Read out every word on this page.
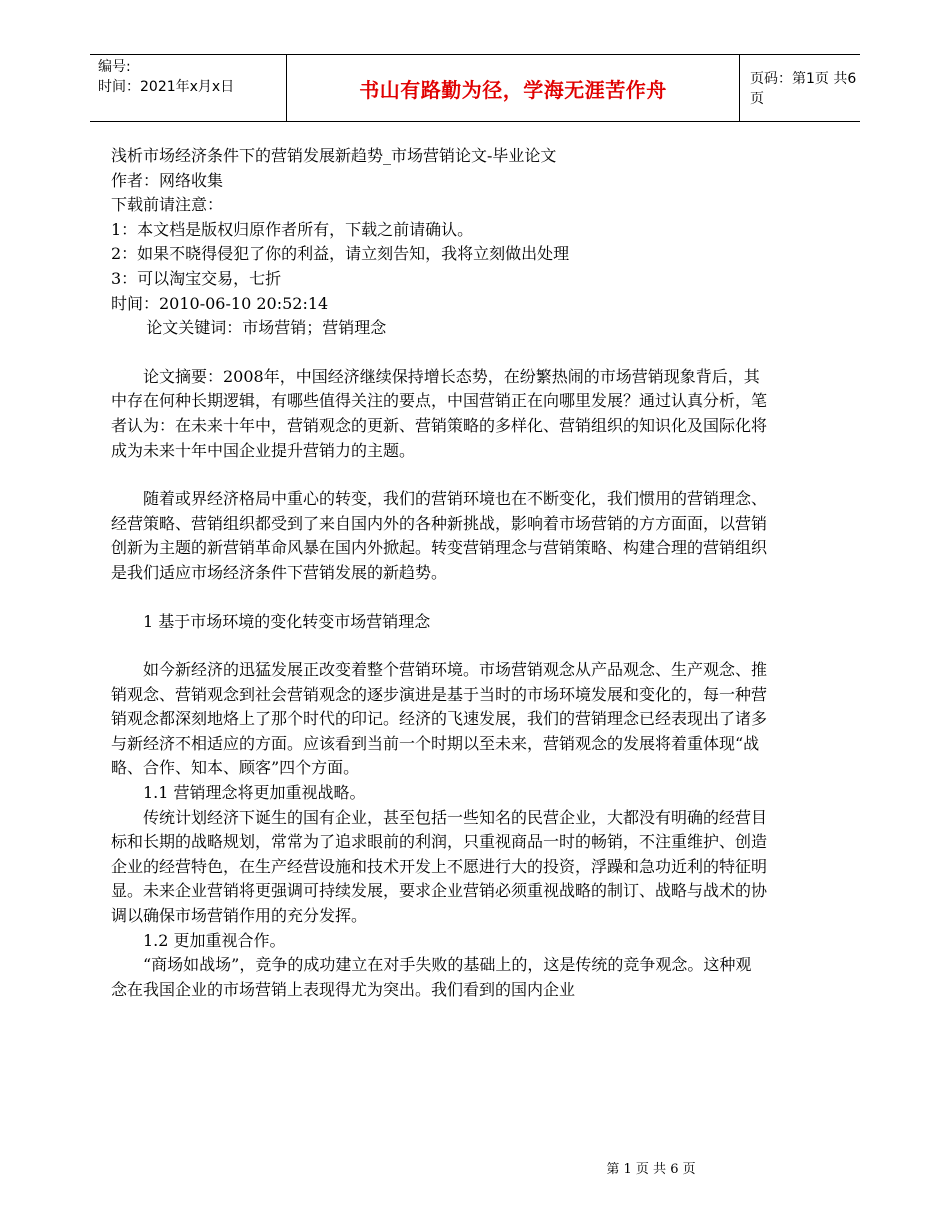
编号:
时间：2021年x月x日	书山有路勤为径，学海无涯苦作舟	页码：第1页 共6页

浅析市场经济条件下的营销发展新趋势_市场营销论文-毕业论文

作者：网络收集

下载前请注意：

1：本文档是版权归原作者所有，下载之前请确认。

2：如果不晓得侵犯了你的利益，请立刻告知，我将立刻做出处理

3：可以淘宝交易，七折

时间：2010-06-10 20:52:14

论文关键词：市场营销；营销理念

论文摘要：2008年，中国经济继续保持增长态势，在纷繁热闹的市场营销现象背后，其中存在何种长期逻辑，有哪些值得关注的要点，中国营销正在向哪里发展？通过认真分析，笔者认为：在未来十年中，营销观念的更新、营销策略的多样化、营销组织的知识化及国际化将成为未来十年中国企业提升营销力的主题。

随着或界经济格局中重心的转变，我们的营销环境也在不断变化，我们惯用的营销理念、经营策略、营销组织都受到了来自国内外的各种新挑战，影响着市场营销的方方面面，以营销创新为主题的新营销革命风暴在国内外掀起。转变营销理念与营销策略、构建合理的营销组织是我们适应市场经济条件下营销发展的新趋势。

1 基于市场环境的变化转变市场营销理念

如今新经济的迅猛发展正改变着整个营销环境。市场营销观念从产品观念、生产观念、推销观念、营销观念到社会营销观念的逐步演进是基于当时的市场环境发展和变化的，每一种营销观念都深刻地烙上了那个时代的印记。经济的飞速发展，我们的营销理念已经表现出了诸多与新经济不相适应的方面。应该看到当前一个时期以至未来，营销观念的发展将着重体现“战略、合作、知本、顾客”四个方面。

1.1 营销理念将更加重视战略。

传统计划经济下诞生的国有企业，甚至包括一些知名的民营企业，大都没有明确的经营目标和长期的战略规划，常常为了追求眼前的利润，只重视商品一时的畅销，不注重维护、创造企业的经营特色，在生产经营设施和技术开发上不愿进行大的投资，浮躁和急功近利的特征明显。未来企业营销将更强调可持续发展，要求企业营销必须重视战略的制订、战略与战术的协调以确保市场营销作用的充分发挥。

1.2 更加重视合作。

“商场如战场”，竞争的成功建立在对手失败的基础上的，这是传统的竞争观念。这种观念在我国企业的市场营销上表现得尤为突出。我们看到的国内企业

第 1 页 共 6 页
